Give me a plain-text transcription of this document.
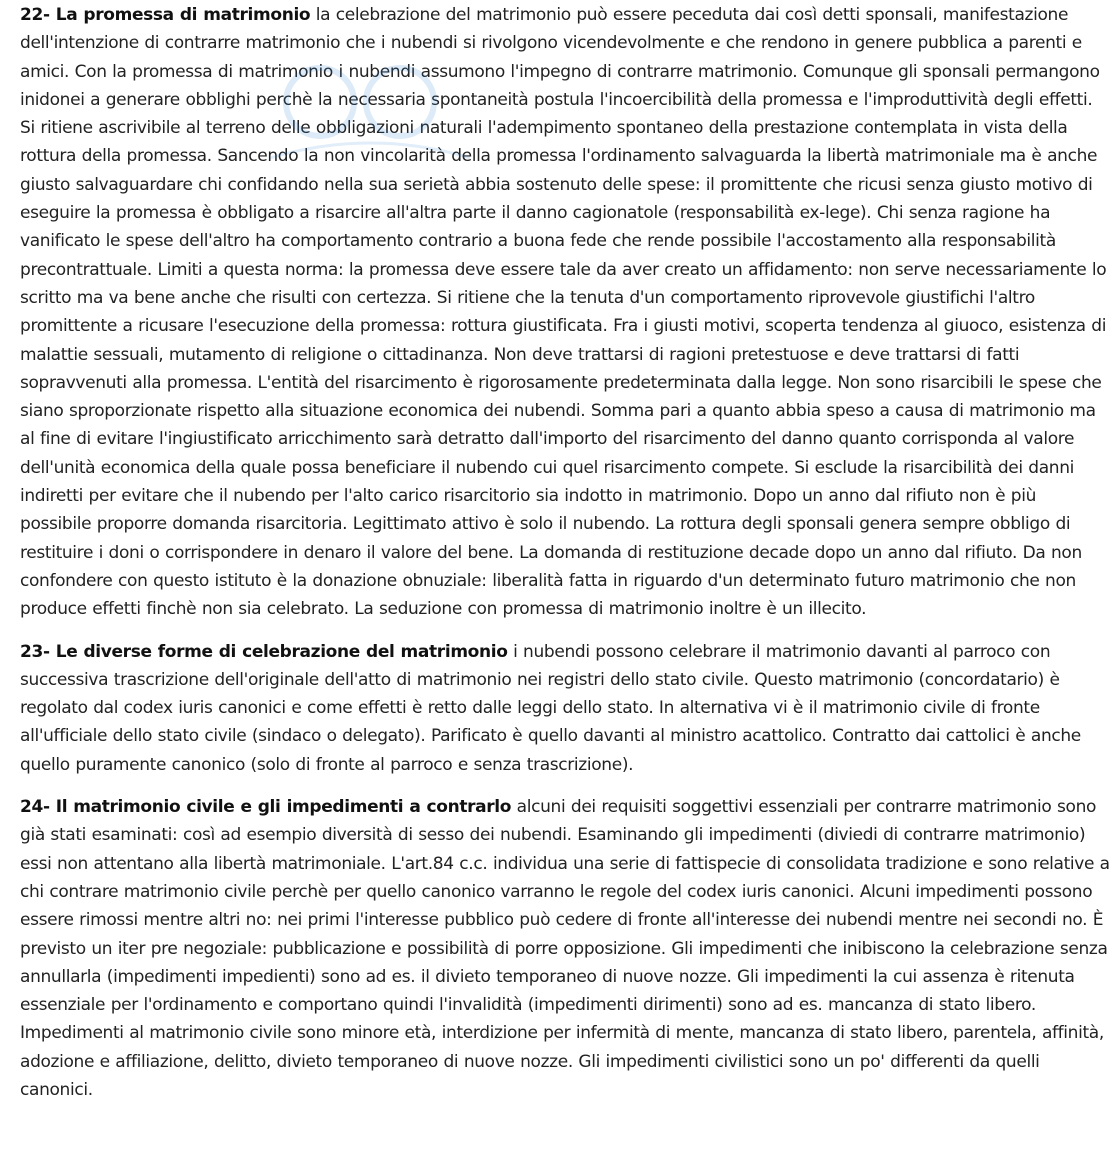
22- La promessa di matrimonio la celebrazione del matrimonio può essere peceduta dai così detti sponsali, manifestazione dell'intenzione di contrarre matrimonio che i nubendi si rivolgono vicendevolmente e che rendono in genere pubblica a parenti e amici. Con la promessa di matrimonio i nubendi assumono l'impegno di contrarre matrimonio. Comunque gli sponsali permangono inidonei a generare obblighi perchè la necessaria spontaneità postula l'incoercibilità della promessa e l'improduttività degli effetti. Si ritiene ascrivibile al terreno delle obbligazioni naturali l'adempimento spontaneo della prestazione contemplata in vista della rottura della promessa. Sancendo la non vincolarità della promessa l'ordinamento salvaguarda la libertà matrimoniale ma è anche giusto salvaguardare chi confidando nella sua serietà abbia sostenuto delle spese: il promittente che ricusi senza giusto motivo di eseguire la promessa è obbligato a risarcire all'altra parte il danno cagionatole (responsabilità ex-lege). Chi senza ragione ha vanificato le spese dell'altro ha comportamento contrario a buona fede che rende possibile l'accostamento alla responsabilità precontrattuale. Limiti a questa norma: la promessa deve essere tale da aver creato un affidamento: non serve necessariamente lo scritto ma va bene anche che risulti con certezza. Si ritiene che la tenuta d'un comportamento riprovevole giustifichi l'altro promittente a ricusare l'esecuzione della promessa: rottura giustificata. Fra i giusti motivi, scoperta tendenza al giuoco, esistenza di malattie sessuali, mutamento di religione o cittadinanza. Non deve trattarsi di ragioni pretestuose e deve trattarsi di fatti sopravvenuti alla promessa. L'entità del risarcimento è rigorosamente predeterminata dalla legge. Non sono risarcibili le spese che siano sproporzionate rispetto alla situazione economica dei nubendi. Somma pari a quanto abbia speso a causa di matrimonio ma al fine di evitare l'ingiustificato arricchimento sarà detratto dall'importo del risarcimento del danno quanto corrisponda al valore dell'unità economica della quale possa beneficiare il nubendo cui quel risarcimento compete. Si esclude la risarcibilità dei danni indiretti per evitare che il nubendo per l'alto carico risarcitorio sia indotto in matrimonio. Dopo un anno dal rifiuto non è più possibile proporre domanda risarcitoria. Legittimato attivo è solo il nubendo. La rottura degli sponsali genera sempre obbligo di restituire i doni o corrispondere in denaro il valore del bene. La domanda di restituzione decade dopo un anno dal rifiuto. Da non confondere con questo istituto è la donazione obnuziale: liberalità fatta in riguardo d'un determinato futuro matrimonio che non produce effetti finchè non sia celebrato. La seduzione con promessa di matrimonio inoltre è un illecito.

23- Le diverse forme di celebrazione del matrimonio i nubendi possono celebrare il matrimonio davanti al parroco con successiva trascrizione dell'originale dell'atto di matrimonio nei registri dello stato civile. Questo matrimonio (concordatario) è regolato dal codex iuris canonici e come effetti è retto dalle leggi dello stato. In alternativa vi è il matrimonio civile di fronte all'ufficiale dello stato civile (sindaco o delegato). Parificato è quello davanti al ministro acattolico. Contratto dai cattolici è anche quello puramente canonico (solo di fronte al parroco e senza trascrizione).

24- Il matrimonio civile e gli impedimenti a contrarlo alcuni dei requisiti soggettivi essenziali per contrarre matrimonio sono già stati esaminati: così ad esempio diversità di sesso dei nubendi. Esaminando gli impedimenti (diviedi di contrarre matrimonio) essi non attentano alla libertà matrimoniale. L'art.84 c.c. individua una serie di fattispecie di consolidata tradizione e sono relative a chi contrare matrimonio civile perchè per quello canonico varranno le regole del codex iuris canonici. Alcuni impedimenti possono essere rimossi mentre altri no: nei primi l'interesse pubblico può cedere di fronte all'interesse dei nubendi mentre nei secondi no. È previsto un iter pre negoziale: pubblicazione e possibilità di porre opposizione. Gli impedimenti che inibiscono la celebrazione senza annullarla (impedimenti impedienti) sono ad es. il divieto temporaneo di nuove nozze. Gli impedimenti la cui assenza è ritenuta essenziale per l'ordinamento e comportano quindi l'invalidità (impedimenti dirimenti) sono ad es. mancanza di stato libero. Impedimenti al matrimonio civile sono minore età, interdizione per infermità di mente, mancanza di stato libero, parentela, affinità, adozione e affiliazione, delitto, divieto temporaneo di nuove nozze. Gli impedimenti civilistici sono un po' differenti da quelli canonici.
